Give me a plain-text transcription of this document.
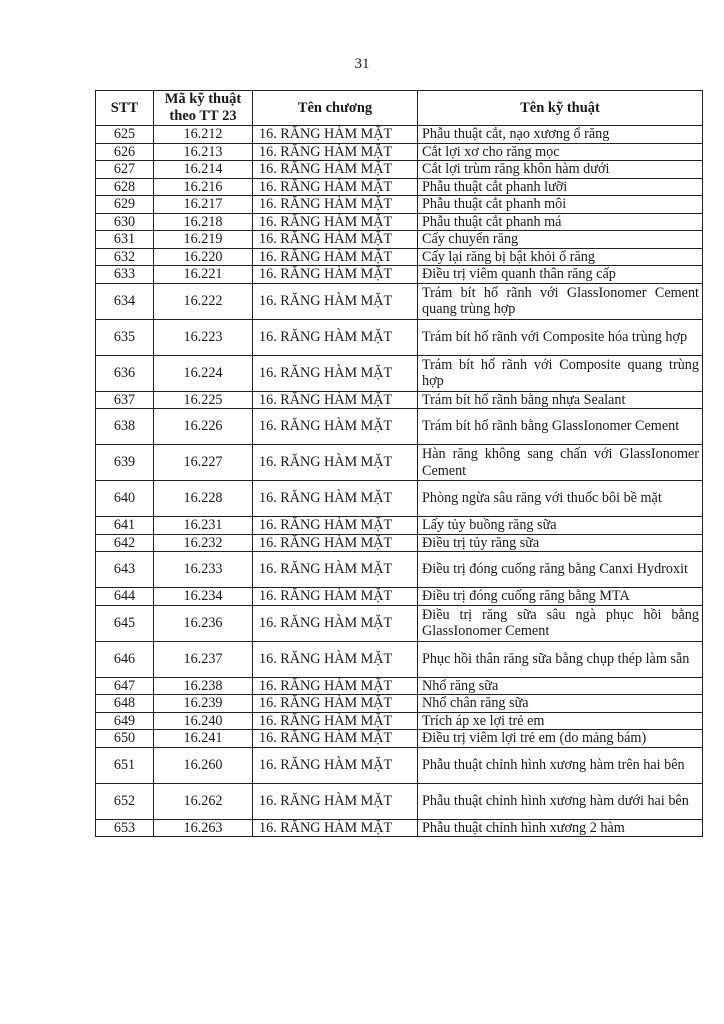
31
STT	Mã kỹ thuật theo TT 23	Tên chương	Tên kỹ thuật
625	16.212	16. RĂNG HÀM MẶT	Phẫu thuật cắt, nạo xương ổ răng
626	16.213	16. RĂNG HÀM MẶT	Cắt lợi xơ cho răng mọc
627	16.214	16. RĂNG HÀM MẶT	Cắt lợi trùm răng khôn hàm dưới
628	16.216	16. RĂNG HÀM MẶT	Phẫu thuật cắt phanh lưỡi
629	16.217	16. RĂNG HÀM MẶT	Phẫu thuật cắt phanh môi
630	16.218	16. RĂNG HÀM MẶT	Phẫu thuật cắt phanh má
631	16.219	16. RĂNG HÀM MẶT	Cấy chuyển răng
632	16.220	16. RĂNG HÀM MẶT	Cấy lại răng bị bật khỏi ổ răng
633	16.221	16. RĂNG HÀM MẶT	Điều trị viêm quanh thân răng cấp
634	16.222	16. RĂNG HÀM MẶT	Trám bít hố rãnh với GlassIonomer Cement quang trùng hợp
635	16.223	16. RĂNG HÀM MẶT	Trám bít hố rãnh với Composite hóa trùng hợp
636	16.224	16. RĂNG HÀM MẶT	Trám bít hố rãnh với Composite quang trùng hợp
637	16.225	16. RĂNG HÀM MẶT	Trám bít hố rãnh bằng nhựa Sealant
638	16.226	16. RĂNG HÀM MẶT	Trám bít hố rãnh bằng GlassIonomer Cement
639	16.227	16. RĂNG HÀM MẶT	Hàn răng không sang chấn với GlassIonomer Cement
640	16.228	16. RĂNG HÀM MẶT	Phòng ngừa sâu răng với thuốc bôi bề mặt
641	16.231	16. RĂNG HÀM MẶT	Lấy tủy buồng răng sữa
642	16.232	16. RĂNG HÀM MẶT	Điều trị tủy răng sữa
643	16.233	16. RĂNG HÀM MẶT	Điều trị đóng cuống răng bằng Canxi Hydroxit
644	16.234	16. RĂNG HÀM MẶT	Điều trị đóng cuống răng bằng MTA
645	16.236	16. RĂNG HÀM MẶT	Điều trị răng sữa sâu ngà phục hồi bằng GlassIonomer Cement
646	16.237	16. RĂNG HÀM MẶT	Phục hồi thân răng sữa bằng chụp thép làm sẵn
647	16.238	16. RĂNG HÀM MẶT	Nhổ răng sữa
648	16.239	16. RĂNG HÀM MẶT	Nhổ chân răng sữa
649	16.240	16. RĂNG HÀM MẶT	Trích áp xe lợi trẻ em
650	16.241	16. RĂNG HÀM MẶT	Điều trị viêm lợi trẻ em (do mảng bám)
651	16.260	16. RĂNG HÀM MẶT	Phẫu thuật chỉnh hình xương hàm trên hai bên
652	16.262	16. RĂNG HÀM MẶT	Phẫu thuật chỉnh hình xương hàm dưới hai bên
653	16.263	16. RĂNG HÀM MẶT	Phẫu thuật chỉnh hình xương 2 hàm
